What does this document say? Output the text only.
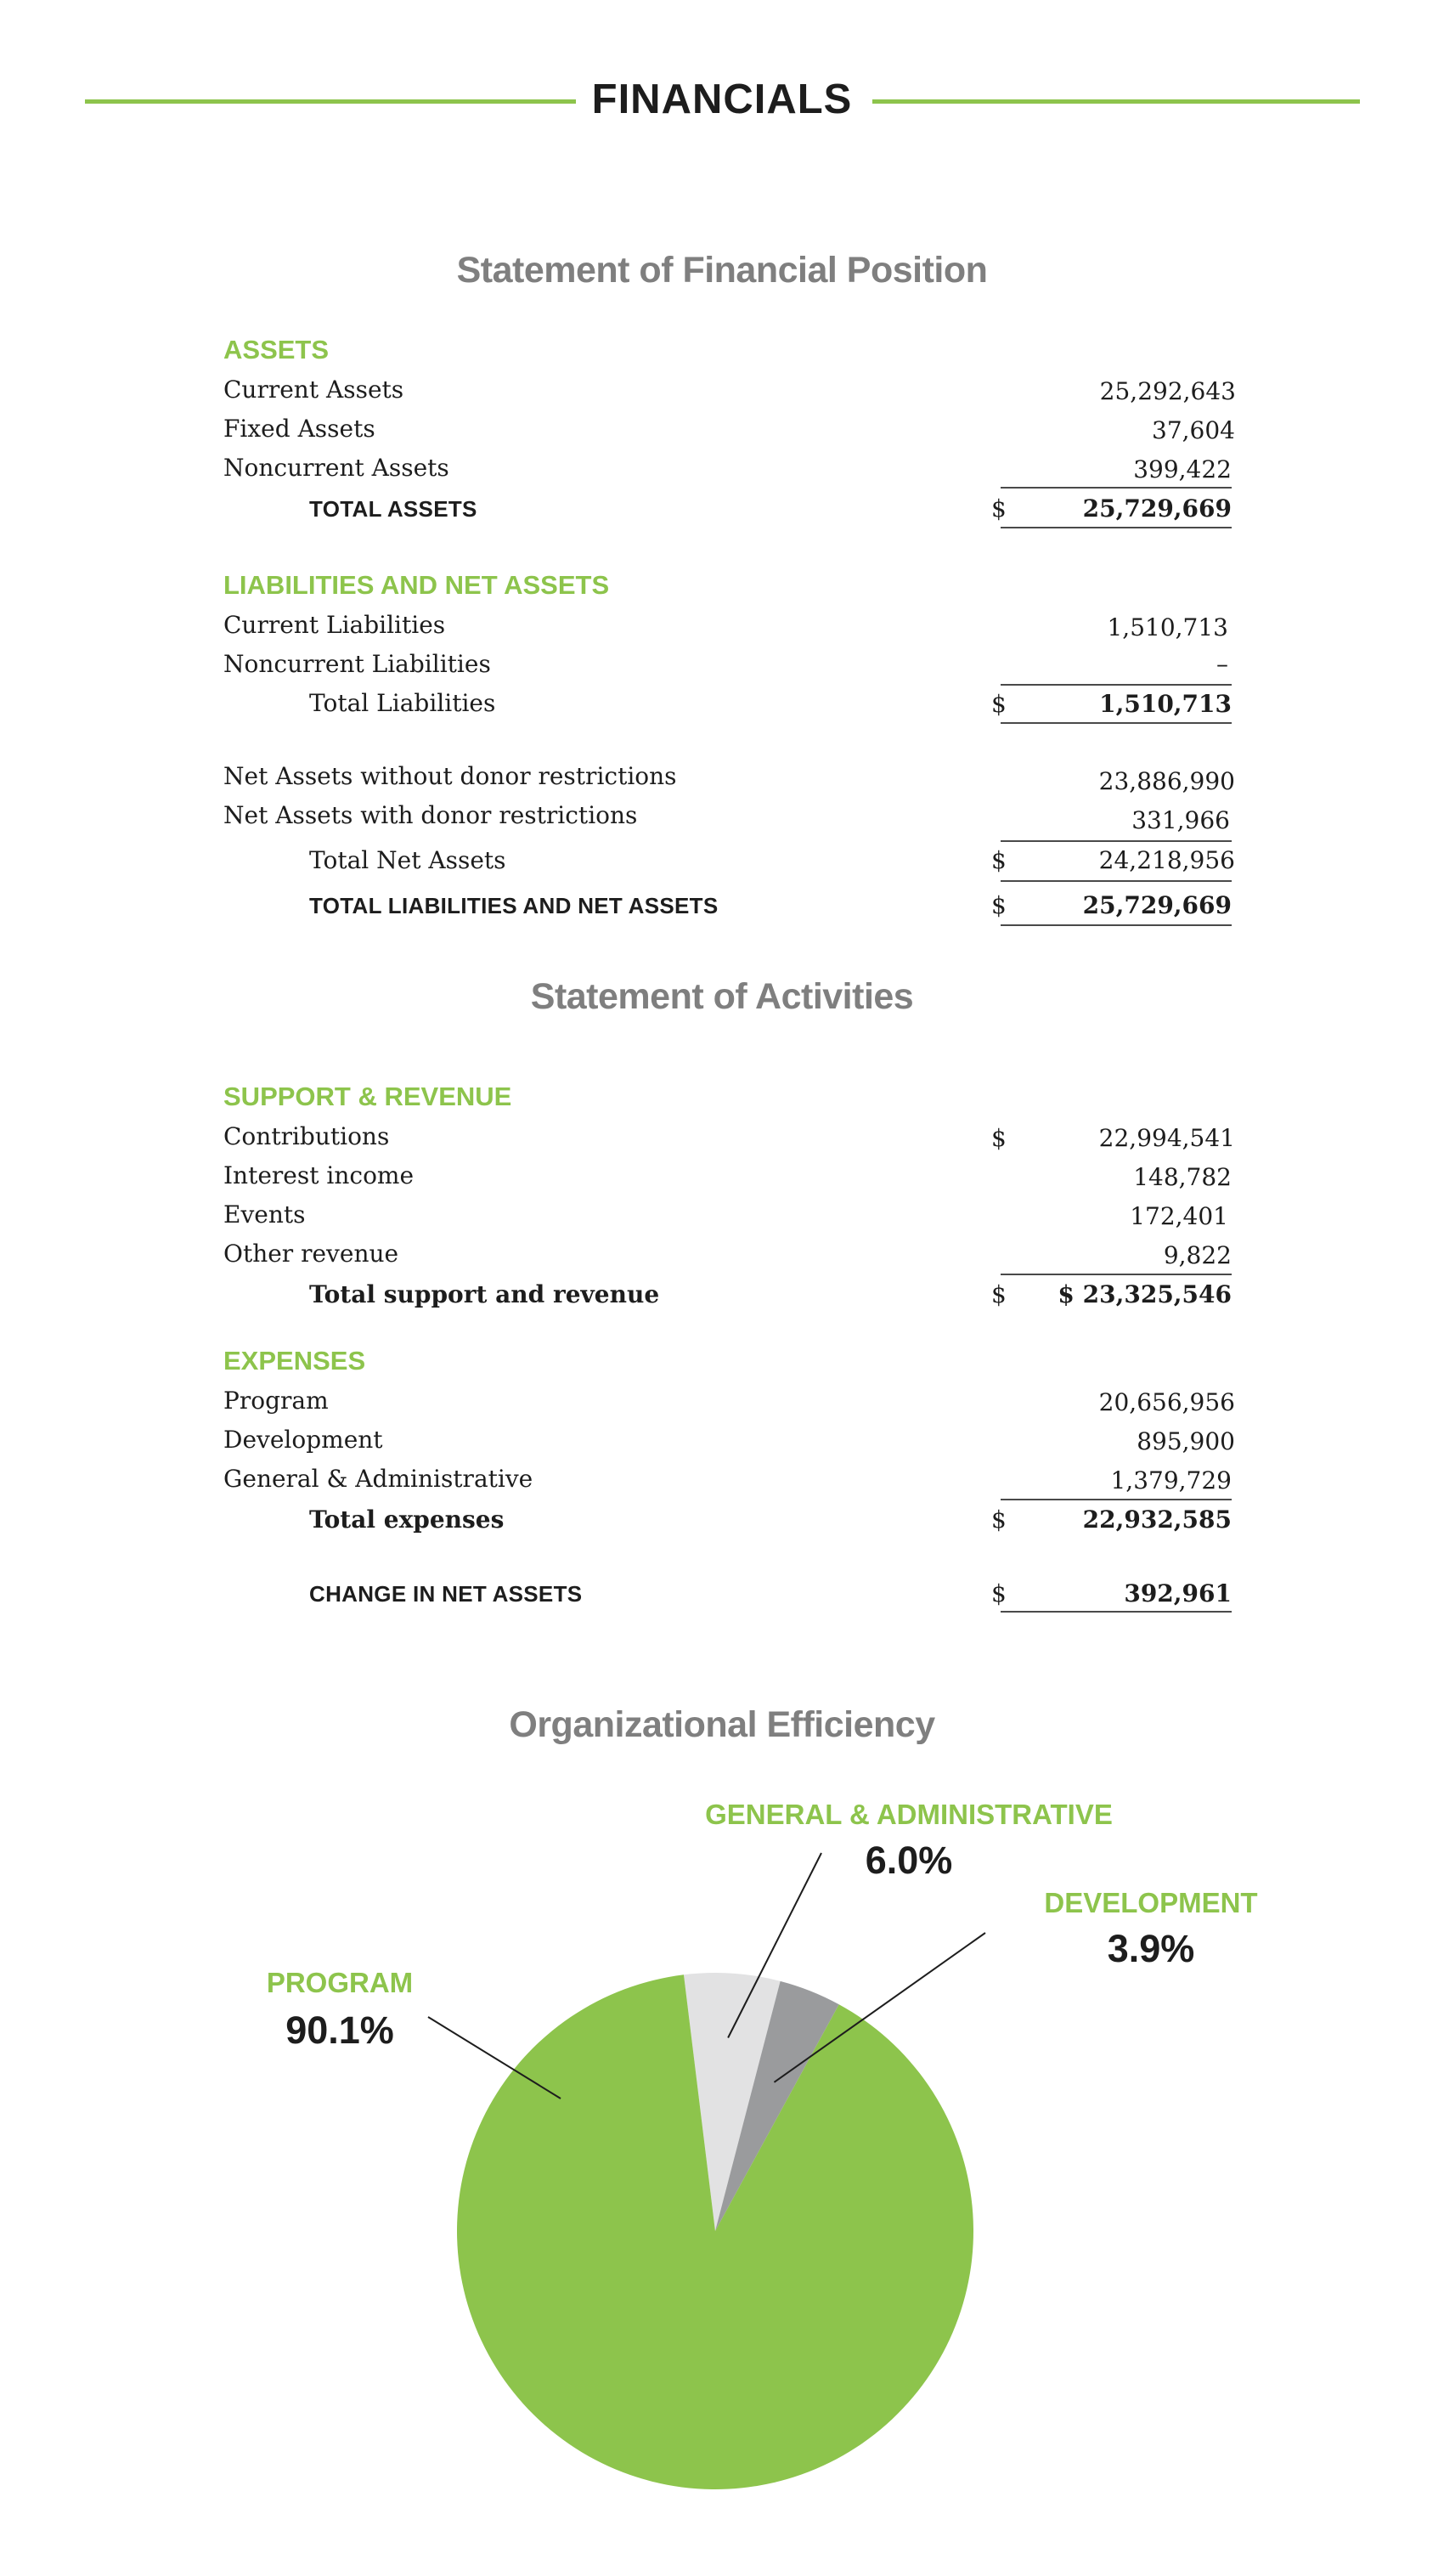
FINANCIALS
Statement of Financial Position
ASSETS
Current Assets	25,292,643
Fixed Assets	37,604
Noncurrent Assets	399,422
TOTAL ASSETS	$	25,729,669
LIABILITIES AND NET ASSETS
Current Liabilities	1,510,713
Noncurrent Liabilities	–
Total Liabilities	$	1,510,713
Net Assets without donor restrictions	23,886,990
Net Assets with donor restrictions	331,966
Total Net Assets	$	24,218,956
TOTAL LIABILITIES AND NET ASSETS	$	25,729,669
Statement of Activities
SUPPORT & REVENUE
Contributions	$	22,994,541
Interest income	148,782
Events	172,401
Other revenue	9,822
Total support and revenue	$ $ 23,325,546
EXPENSES
Program	20,656,956
Development	895,900
General & Administrative	1,379,729
Total expenses	$	22,932,585
CHANGE IN NET ASSETS	$	392,961
Organizational Efficiency
PROGRAM
90.1%
GENERAL & ADMINISTRATIVE
6.0%
DEVELOPMENT
3.9%
